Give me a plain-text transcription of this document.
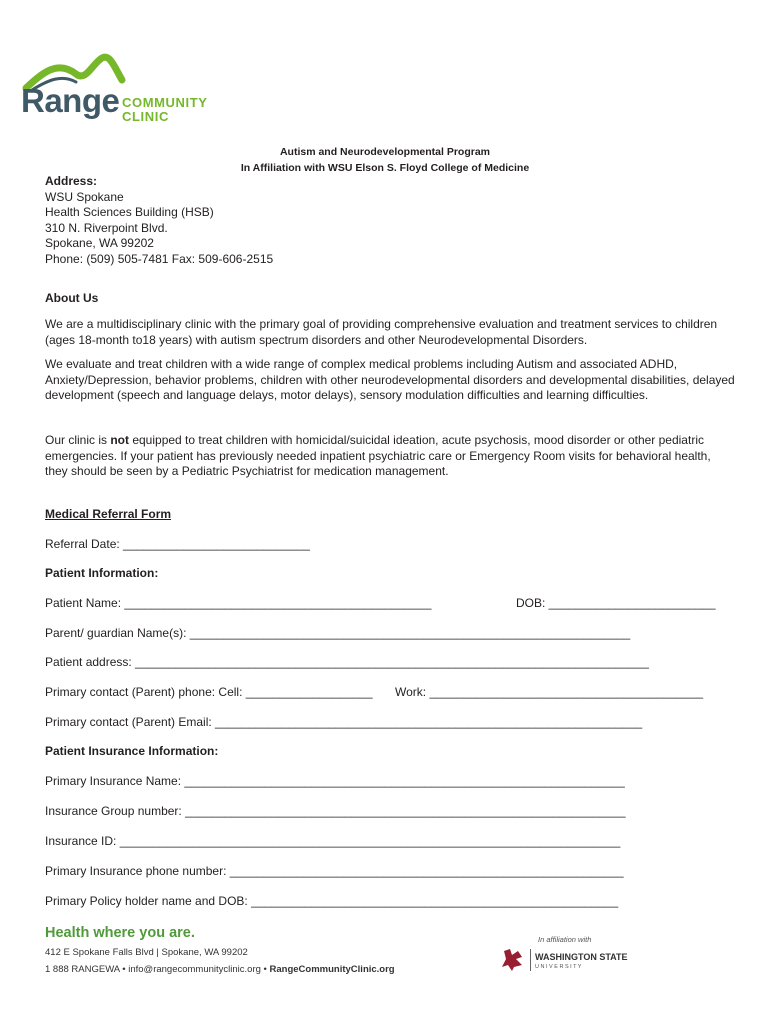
Range COMMUNITY
CLINIC
Autism and Neurodevelopmental Program
In Affiliation with WSU Elson S. Floyd College of Medicine
Address:
WSU Spokane
Health Sciences Building (HSB)
310 N. Riverpoint Blvd.
Spokane, WA 99202
Phone: (509) 505-7481 Fax: 509-606-2515
About Us
We are a multidisciplinary clinic with the primary goal of providing comprehensive evaluation and treatment services to children (ages 18-month to18 years) with autism spectrum disorders and other Neurodevelopmental Disorders.
We evaluate and treat children with a wide range of complex medical problems including Autism and associated ADHD, Anxiety/Depression, behavior problems, children with other neurodevelopmental disorders and developmental disabilities, delayed development (speech and language delays, motor delays), sensory modulation difficulties and learning difficulties.
Our clinic is not equipped to treat children with homicidal/suicidal ideation, acute psychosis, mood disorder or other pediatric emergencies. If your patient has previously needed inpatient psychiatric care or Emergency Room visits for behavioral health, they should be seen by a Pediatric Psychiatrist for medication management.
Medical Referral Form
Referral Date: ____________________________
Patient Information:
Patient Name: ______________________________________________	DOB: _________________________
Parent/ guardian Name(s): __________________________________________________________________
Patient address: _____________________________________________________________________________
Primary contact (Parent) phone: Cell: ___________________ Work: _________________________________________
Primary contact (Parent) Email: ________________________________________________________________
Patient Insurance Information:
Primary Insurance Name: __________________________________________________________________
Insurance Group number: __________________________________________________________________
Insurance ID: ___________________________________________________________________________
Primary Insurance phone number: ___________________________________________________________
Primary Policy holder name and DOB: _______________________________________________________
Health where you are.
412 E Spokane Falls Blvd | Spokane, WA 99202
1 888 RANGEWA • info@rangecommunityclinic.org • RangeCommunityClinic.org
In affiliation with
WASHINGTON STATE
U N I V E R S I T Y
